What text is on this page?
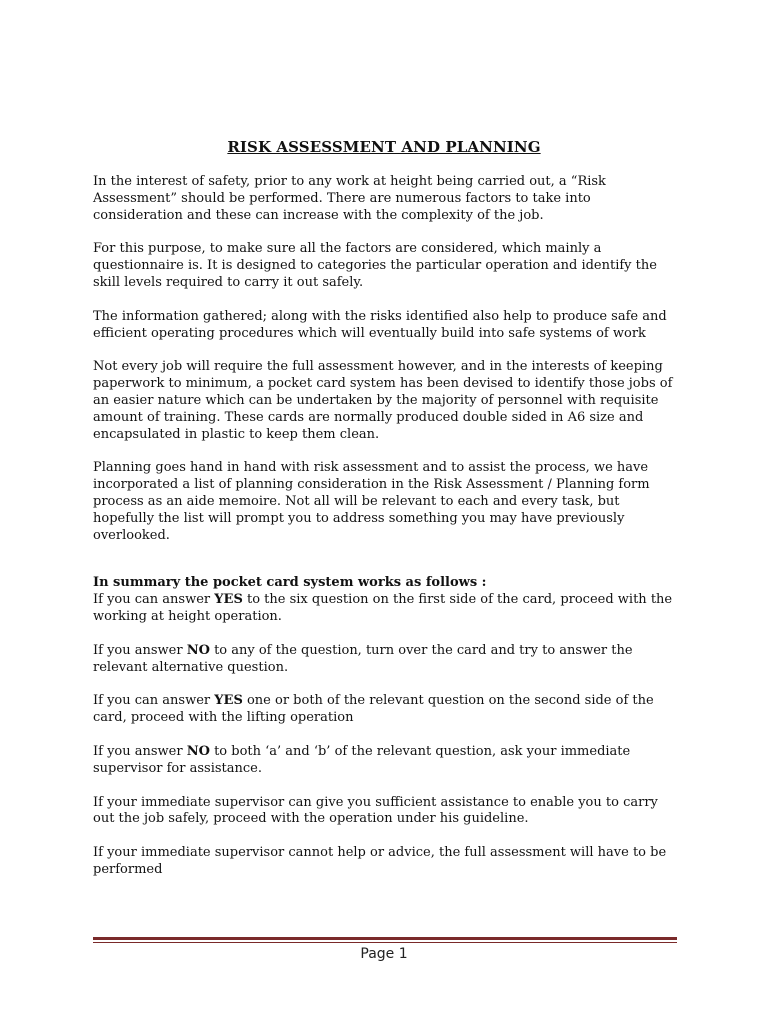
RISK ASSESSMENT AND PLANNING

In the interest of safety, prior to any work at height being carried out, a “Risk Assessment” should be performed. There are numerous factors to take into consideration and these can increase with the complexity of the job.

For this purpose, to make sure all the factors are considered, which mainly a questionnaire is. It is designed to categories the particular operation and identify the skill levels required to carry it out safely.

The information gathered; along with the risks identified also help to produce safe and efficient operating procedures which will eventually build into safe systems of work

Not every job will require the full assessment however, and in the interests of keeping paperwork to minimum, a pocket card system has been devised to identify those jobs of an easier nature which can be undertaken by the majority of personnel with requisite amount of training. These cards are normally produced double sided in A6 size and encapsulated in plastic to keep them clean.

Planning goes hand in hand with risk assessment and to assist the process, we have incorporated a list of planning consideration in the Risk Assessment / Planning form process as an aide memoire. Not all will be relevant to each and every task, but hopefully the list will prompt you to address something you may have previously overlooked.

In summary the pocket card system works as follows :

If you can answer YES to the six question on the first side of the card, proceed with the working at height operation.

If you answer NO to any of the question, turn over the card and try to answer the relevant alternative question.

If you can answer YES one or both of the relevant question on the second side of the card, proceed with the lifting operation

If you answer NO to both ‘a’ and ‘b’ of the relevant question, ask your immediate supervisor for assistance.

If your immediate supervisor can give you sufficient assistance to enable you to carry out the job safely, proceed with the operation under his guideline.

If your immediate supervisor cannot help or advice, the full assessment will have to be performed

Page 1
